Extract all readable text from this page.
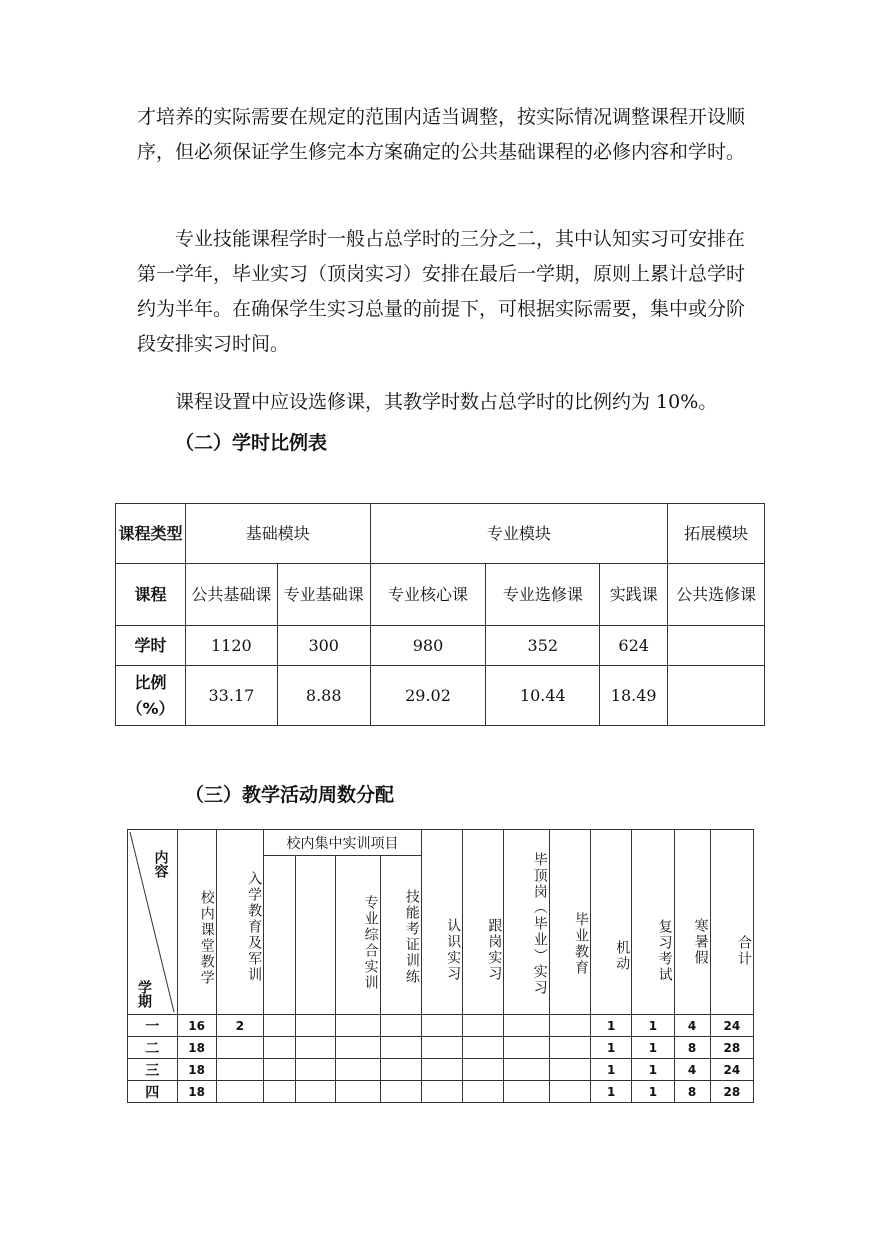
才培养的实际需要在规定的范围内适当调整，按实际情况调整课程开设顺序，但必须保证学生修完本方案确定的公共基础课程的必修内容和学时。

专业技能课程学时一般占总学时的三分之二，其中认知实习可安排在第一学年，毕业实习（顶岗实习）安排在最后一学期，原则上累计总学时约为半年。在确保学生实习总量的前提下，可根据实际需要，集中或分阶段安排实习时间。

课程设置中应设选修课，其教学时数占总学时的比例约为 10%。

（二）学时比例表
课程类型	基础模块		专业模块			拓展模块
课程	公共基础课	专业基础课	专业核心课	专业选修课	实践课	公共选修课
学时	1120	300	980	352	624	
比例（%）	33.17	8.88	29.02	10.44	18.49	
（三）教学活动周数分配
内容
学期	校内课堂教学	入学教育及军训	校内集中实训项目				认识实习	跟岗实习	毕顶岗（毕业）实习	毕业教育	机动	复习考试	寒暑假	合计
					专业综合实训	技能考证训练								
一	16	2									1	1	4	24
二	18										1	1	8	28
三	18										1	1	4	24
四	18										1	1	8	28
